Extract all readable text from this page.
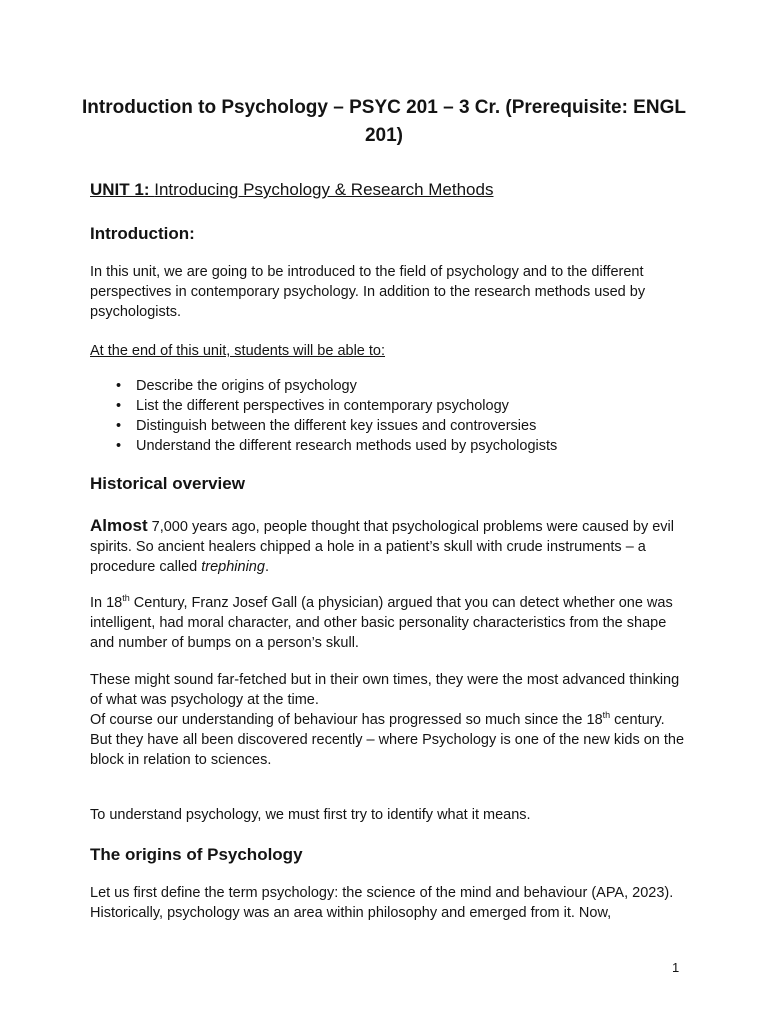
Introduction to Psychology – PSYC 201 – 3 Cr. (Prerequisite: ENGL 201)

UNIT 1: Introducing Psychology & Research Methods

Introduction:

In this unit, we are going to be introduced to the field of psychology and to the different perspectives in contemporary psychology. In addition to the research methods used by psychologists.

At the end of this unit, students will be able to:

• Describe the origins of psychology
• List the different perspectives in contemporary psychology
• Distinguish between the different key issues and controversies
• Understand the different research methods used by psychologists
Historical overview

Almost 7,000 years ago, people thought that psychological problems were caused by evil spirits. So ancient healers chipped a hole in a patient’s skull with crude instruments – a procedure called trephining.

In 18th Century, Franz Josef Gall (a physician) argued that you can detect whether one was intelligent, had moral character, and other basic personality characteristics from the shape and number of bumps on a person’s skull.

These might sound far-fetched but in their own times, they were the most advanced thinking of what was psychology at the time.

Of course our understanding of behaviour has progressed so much since the 18th century. But they have all been discovered recently – where Psychology is one of the new kids on the block in relation to sciences.

To understand psychology, we must first try to identify what it means.

The origins of Psychology

Let us first define the term psychology: the science of the mind and behaviour (APA, 2023). Historically, psychology was an area within philosophy and emerged from it. Now,

1
